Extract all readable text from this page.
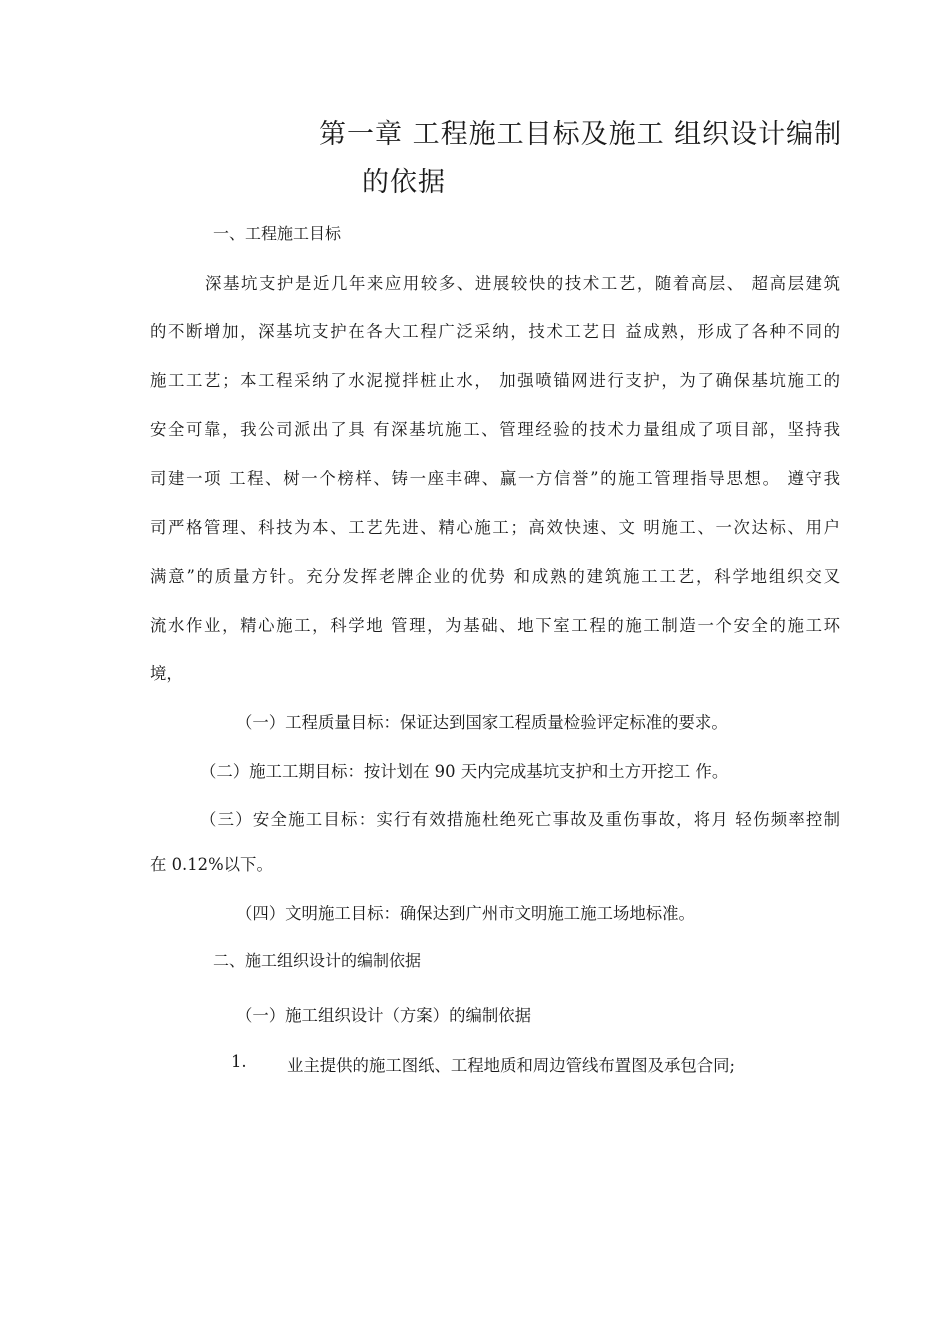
第一章 工程施工目标及施工 组织设计编制
的依据
一、工程施工目标
深基坑支护是近几年来应用较多、进展较快的技术工艺，随着高层、 超高层建筑
的不断增加，深基坑支护在各大工程广泛采纳，技术工艺日 益成熟，形成了各种不同的
施工工艺；本工程采纳了水泥搅拌桩止水， 加强喷锚网进行支护，为了确保基坑施工的
安全可靠，我公司派出了具 有深基坑施工、管理经验的技术力量组成了项目部，坚持我
司建一项 工程、树一个榜样、铸一座丰碑、赢一方信誉”的施工管理指导思想。 遵守我
司严格管理、科技为本、工艺先进、精心施工；高效快速、文 明施工、一次达标、用户
满意”的质量方针。充分发挥老牌企业的优势 和成熟的建筑施工工艺，科学地组织交叉
流水作业，精心施工，科学地 管理，为基础、地下室工程的施工制造一个安全的施工环
境，
（一）工程质量目标：保证达到国家工程质量检验评定标准的要求。
（二）施工工期目标：按计划在 90 天内完成基坑支护和土方开挖工 作。
（三）安全施工目标：实行有效措施杜绝死亡事故及重伤事故，将月 轻伤频率控制
在 0.12%以下。
（四）文明施工目标：确保达到广州市文明施工施工场地标准。
二、施工组织设计的编制依据
（一）施工组织设计（方案）的编制依据
1. 业主提供的施工图纸、工程地质和周边管线布置图及承包合同;
